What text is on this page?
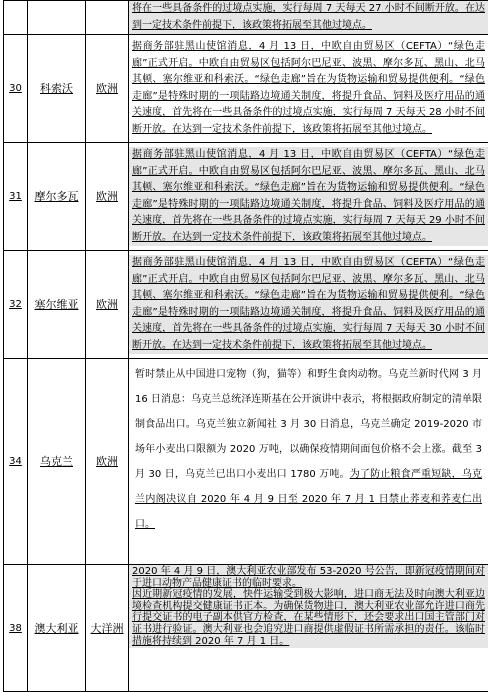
			将在一些具备条件的过境点实施，实行每周 7 天每天 27 小时不间断开放。在达到一定技术条件前提下，该政策将拓展至其他过境点。

30	科索沃	欧洲	据商务部驻黑山使馆消息，4 月 13 日，中欧自由贸易区（CEFTA）“绿色走廊”正式开启。中欧自由贸易区包括阿尔巴尼亚、波黑、摩尔多瓦、黑山、北马其顿、塞尔维亚和科索沃。“绿色走廊”旨在为货物运输和贸易提供便利。“绿色走廊”是特殊时期的一项陆路边境通关制度，将提升食品、饲料及医疗用品的通关速度，首先将在一些具备条件的过境点实施，实行每周 7 天每天 28 小时不间断开放。在达到一定技术条件前提下，该政策将拓展至其他过境点。

31	摩尔多瓦	欧洲	据商务部驻黑山使馆消息，4 月 13 日，中欧自由贸易区（CEFTA）“绿色走廊”正式开启。中欧自由贸易区包括阿尔巴尼亚、波黑、摩尔多瓦、黑山、北马其顿、塞尔维亚和科索沃。“绿色走廊”旨在为货物运输和贸易提供便利。“绿色走廊”是特殊时期的一项陆路边境通关制度，将提升食品、饲料及医疗用品的通关速度，首先将在一些具备条件的过境点实施，实行每周 7 天每天 29 小时不间断开放。在达到一定技术条件前提下，该政策将拓展至其他过境点。

32	塞尔维亚	欧洲	据商务部驻黑山使馆消息，4 月 13 日，中欧自由贸易区（CEFTA）“绿色走廊”正式开启。中欧自由贸易区包括阿尔巴尼亚、波黑、摩尔多瓦、黑山、北马其顿、塞尔维亚和科索沃。“绿色走廊”旨在为货物运输和贸易提供便利。“绿色走廊”是特殊时期的一项陆路边境通关制度，将提升食品、饲料及医疗用品的通关速度，首先将在一些具备条件的过境点实施，实行每周 7 天每天 30 小时不间断开放。在达到一定技术条件前提下，该政策将拓展至其他过境点。

34	乌克兰	欧洲	暂时禁止从中国进口宠物（狗，猫等）和野生食肉动物。乌克兰新时代网 3 月 16 日消息：乌克兰总统泽连斯基在公开演讲中表示，将根据政府制定的清单限制食品出口。乌克兰独立新闻社 3 月 30 日消息，乌克兰确定 2019-2020 市场年小麦出口限额为 2020 万吨，以确保疫情期间面包价格不会上涨。截至 3 月 30 日，乌克兰已出口小麦出口 1780 万吨。为了防止粮食严重短缺，乌克兰内阁决议自 2020 年 4 月 9 日至 2020 年 7 月 1 日禁止荞麦和荞麦仁出口。

38	澳大利亚	大洋洲	2020 年 4 月 9 日，澳大利亚农业部发布 53-2020 号公告，即新冠疫情期间对于进口动物产品健康证书的临时要求。
因近期新冠疫情的发展，快件运输受到极大影响，进口商无法及时向澳大利亚边境检查机构提交健康证书正本。为确保货物进口，澳大利亚农业部允许进口商先行提交证书的电子副本供官方检查，在某些情形下，还会要求出口国主管部门对证书进行验证。澳大利亚也会追究进口商提供虚假证书所需承担的责任。该临时措施将持续到 2020 年 7 月 1 日。
